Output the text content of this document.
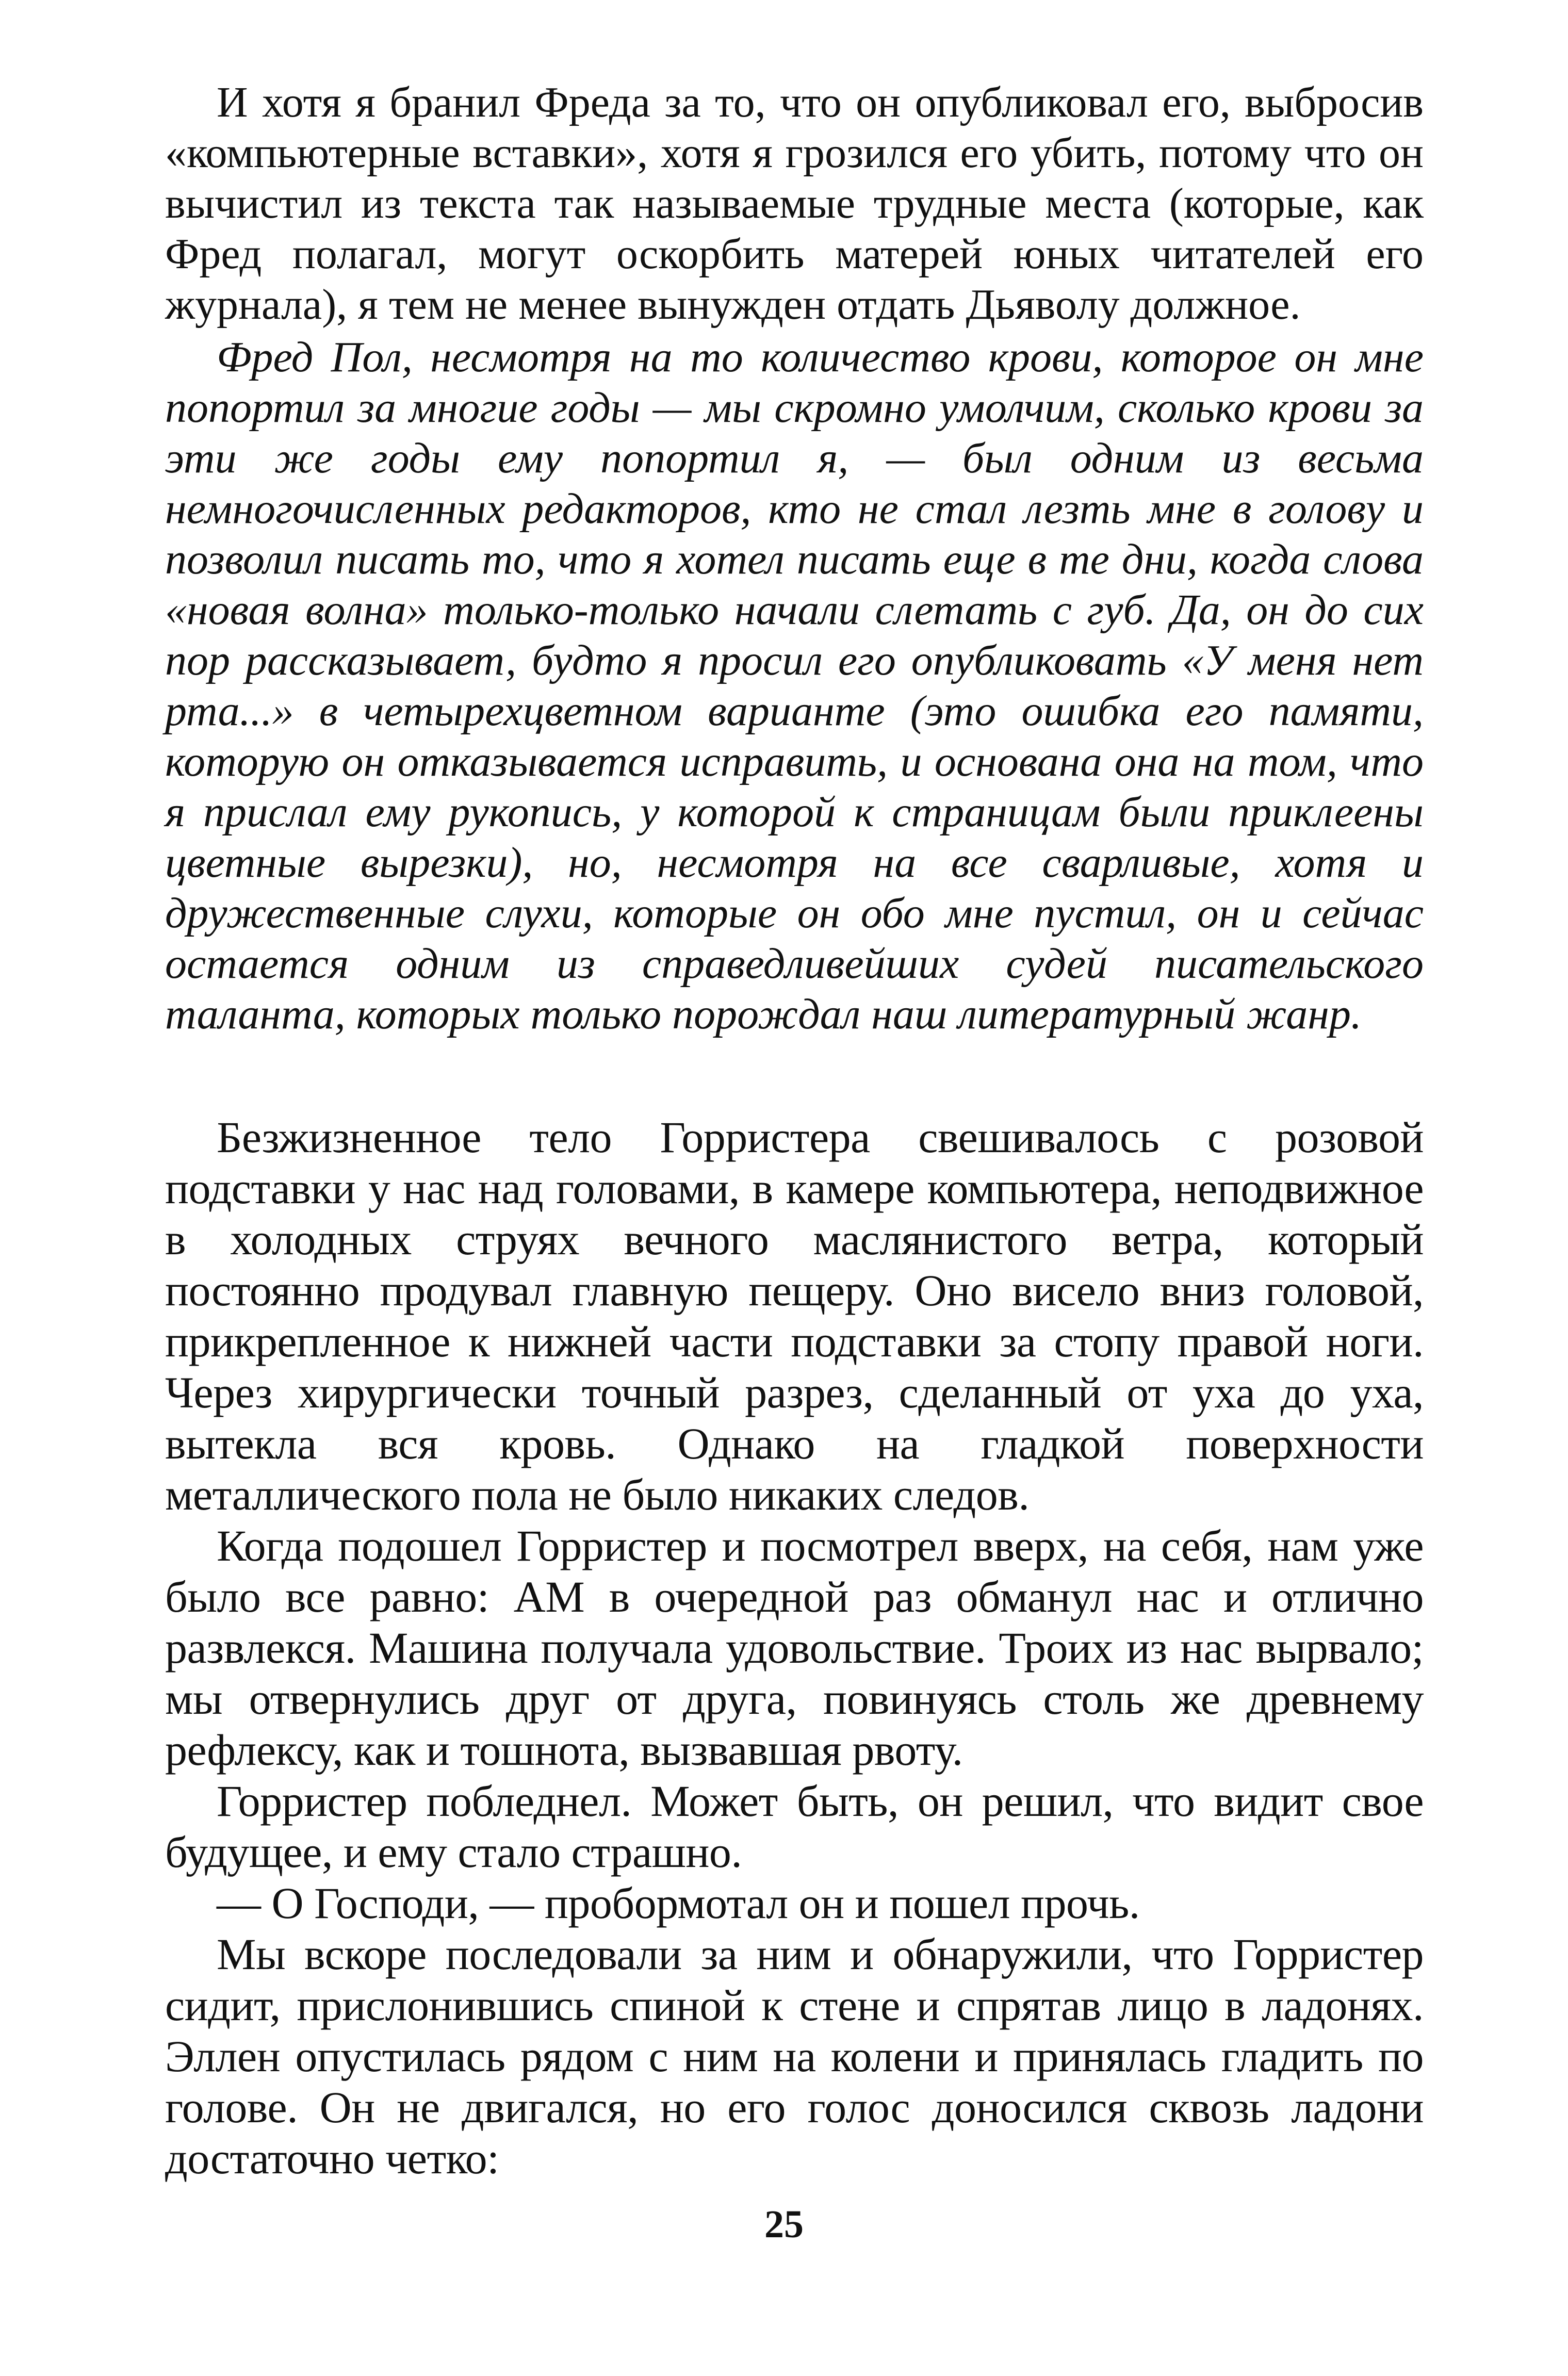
И хотя я бранил Фреда за то, что он опубликовал его, выбросив «компьютерные вставки», хотя я грозился его убить, потому что он вычистил из текста так называемые трудные места (которые, как Фред полагал, могут оскорбить матерей юных читателей его журнала), я тем не менее вынужден отдать Дьяволу должное.

Фред Пол, несмотря на то количество крови, которое он мне попортил за многие годы — мы скромно умолчим, сколько крови за эти же годы ему попортил я, — был одним из весьма немногочисленных редакторов, кто не стал лезть мне в голову и позволил писать то, что я хотел писать еще в те дни, когда слова «новая волна» только-только начали слетать с губ. Да, он до сих пор рассказывает, будто я просил его опубликовать «У меня нет рта...» в четырехцветном варианте (это ошибка его памяти, которую он отказывается исправить, и основана она на том, что я прислал ему рукопись, у которой к страницам были приклеены цветные вырезки), но, несмотря на все сварливые, хотя и дружественные слухи, которые он обо мне пустил, он и сейчас остается одним из справедливейших судей писательского таланта, которых только порождал наш литературный жанр.

Безжизненное тело Горристера свешивалось с розовой подставки у нас над головами, в камере компьютера, неподвижное в холодных струях вечного маслянистого ветра, который постоянно продувал главную пещеру. Оно висело вниз головой, прикрепленное к нижней части подставки за стопу правой ноги. Через хирургически точный разрез, сделанный от уха до уха, вытекла вся кровь. Однако на гладкой поверхности металлического пола не было никаких следов.

Когда подошел Горристер и посмотрел вверх, на себя, нам уже было все равно: АМ в очередной раз обманул нас и отлично развлекся. Машина получала удовольствие. Троих из нас вырвало; мы отвернулись друг от друга, повинуясь столь же древнему рефлексу, как и тошнота, вызвавшая рвоту.

Горристер побледнел. Может быть, он решил, что видит свое будущее, и ему стало страшно.

— О Господи, — пробормотал он и пошел прочь.

Мы вскоре последовали за ним и обнаружили, что Горристер сидит, прислонившись спиной к стене и спрятав лицо в ладонях. Эллен опустилась рядом с ним на колени и принялась гладить по голове. Он не двигался, но его голос доносился сквозь ладони достаточно четко:

25
